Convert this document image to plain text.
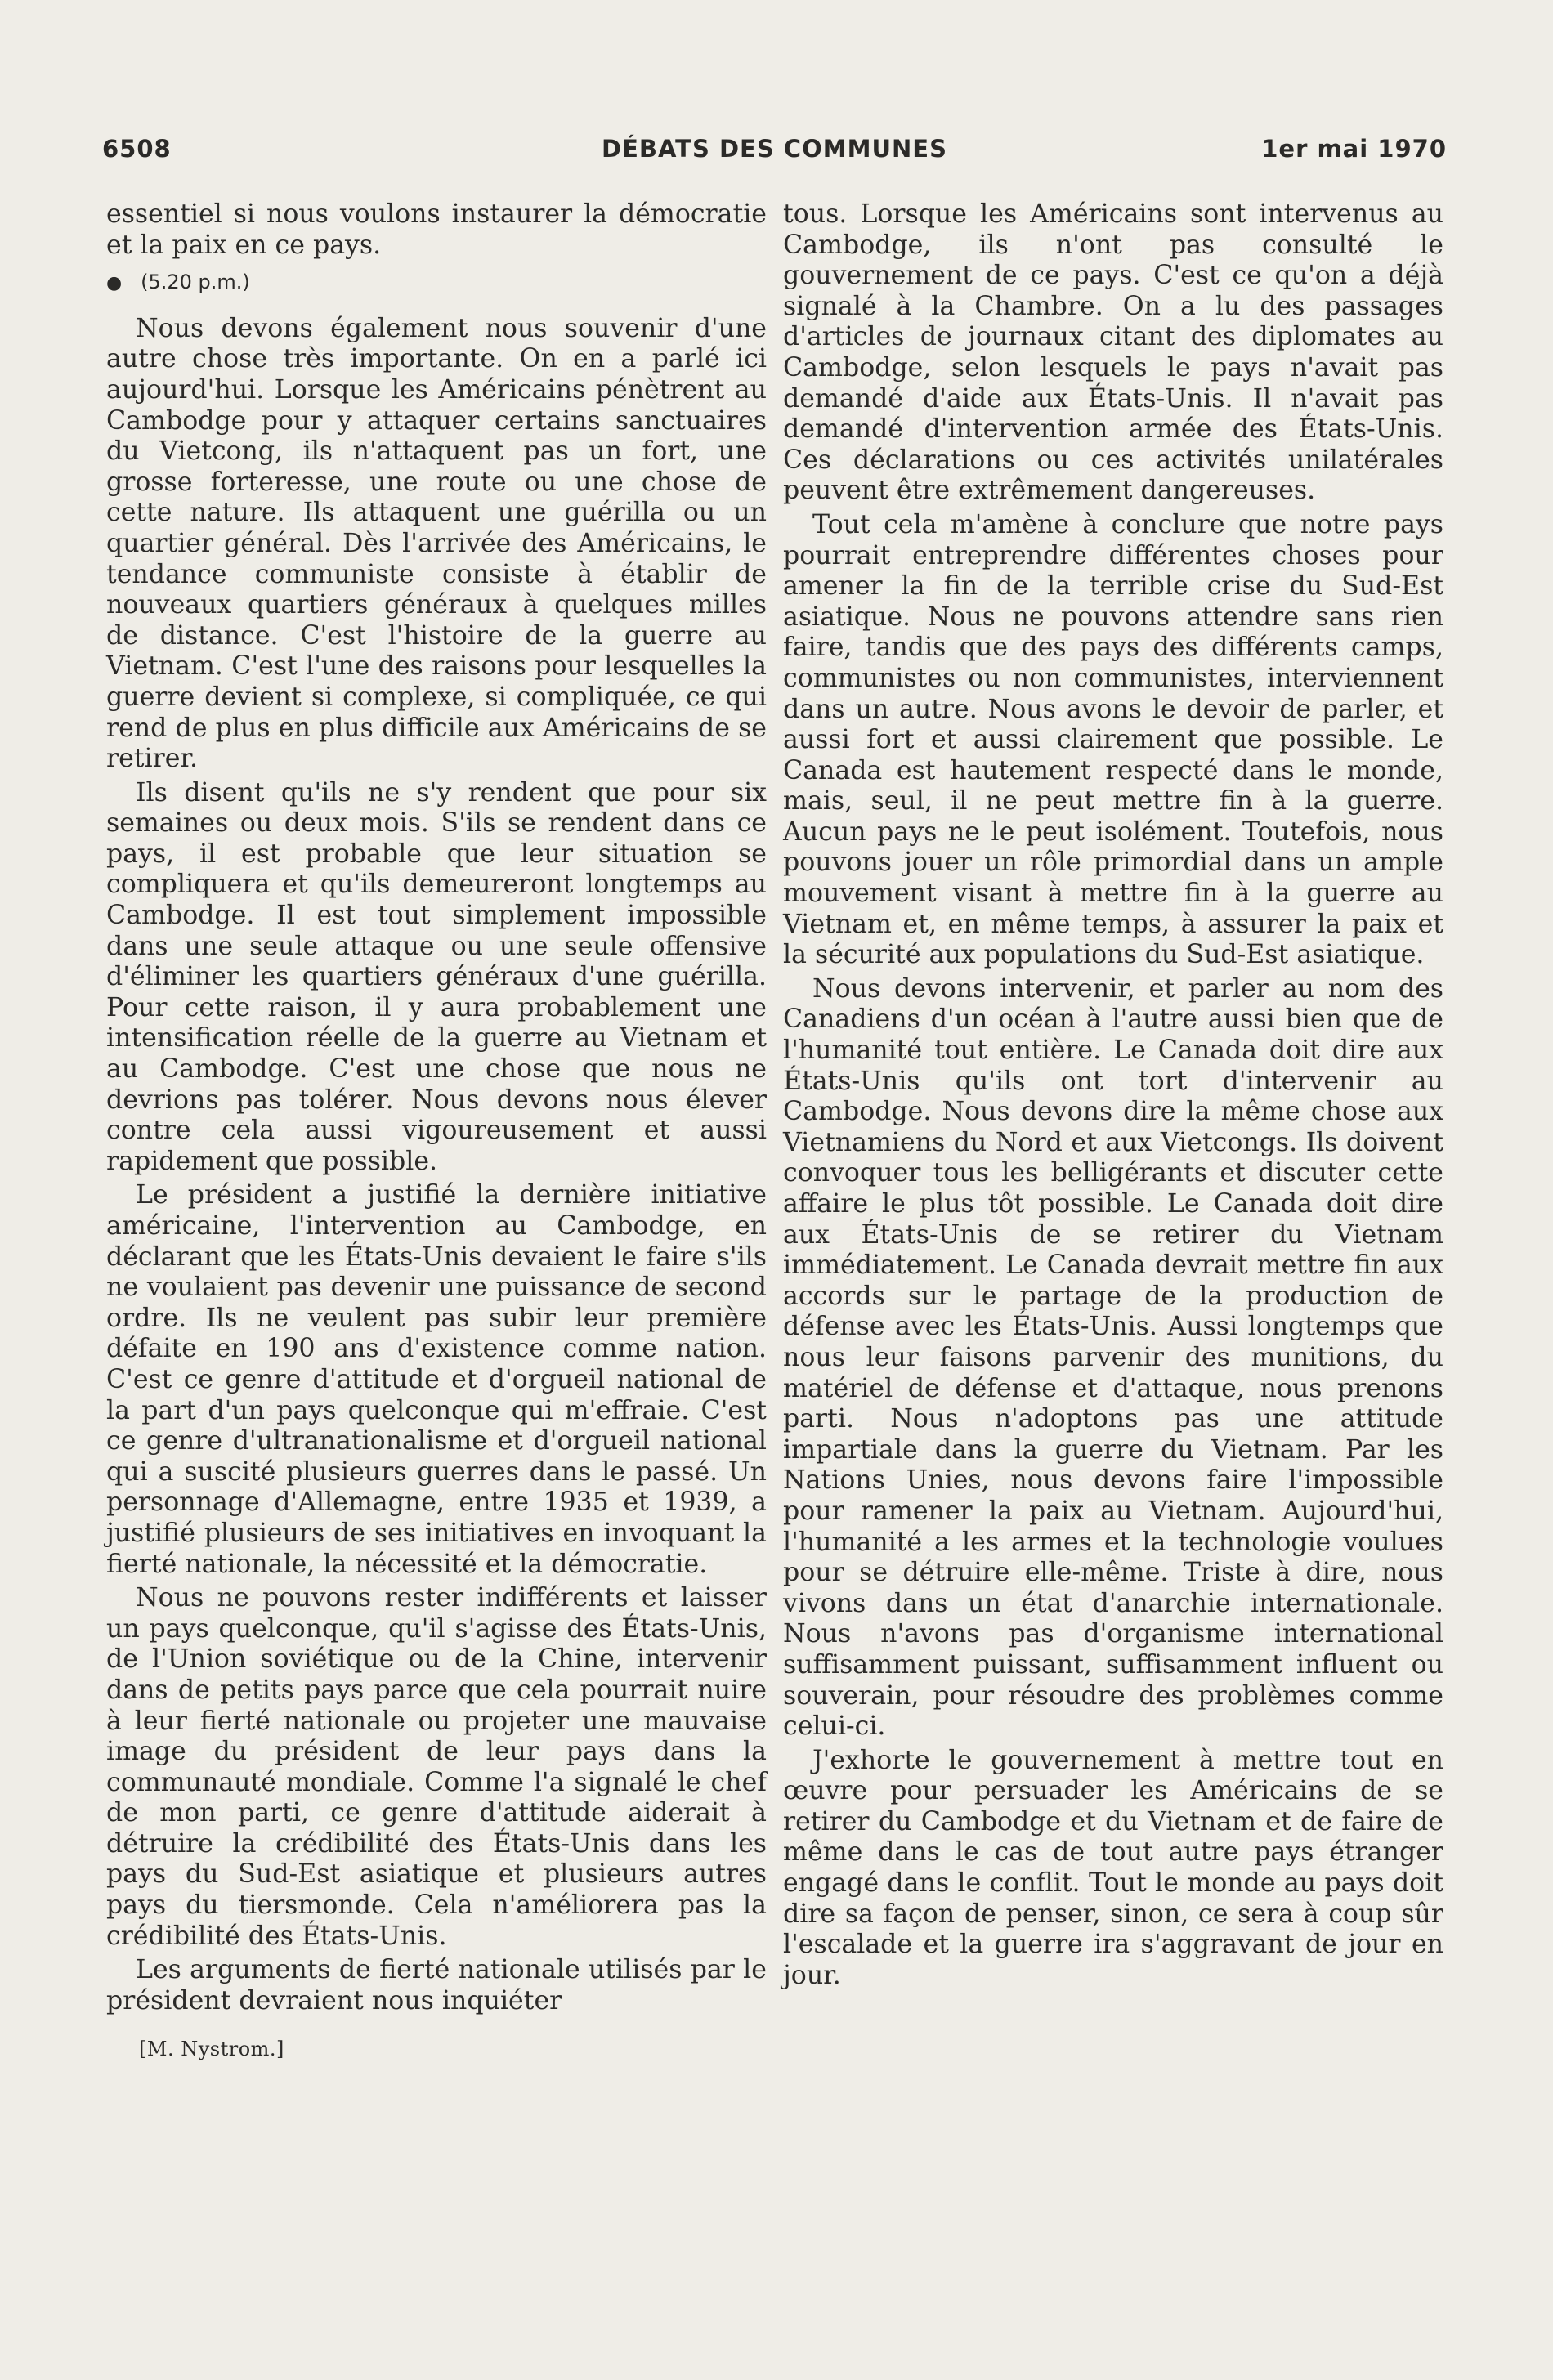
6508	DÉBATS DES COMMUNES	1er mai 1970

essentiel si nous voulons instaurer la démocratie et la paix en ce pays.

● (5.20 p.m.)

Nous devons également nous souvenir d'une autre chose très importante. On en a parlé ici aujourd'hui. Lorsque les Américains pénètrent au Cambodge pour y attaquer certains sanctuaires du Vietcong, ils n'attaquent pas un fort, une grosse forteresse, une route ou une chose de cette nature. Ils attaquent une guérilla ou un quartier général. Dès l'arrivée des Américains, le tendance communiste consiste à établir de nouveaux quartiers généraux à quelques milles de distance. C'est l'histoire de la guerre au Vietnam. C'est l'une des raisons pour lesquelles la guerre devient si complexe, si compliquée, ce qui rend de plus en plus difficile aux Américains de se retirer.

Ils disent qu'ils ne s'y rendent que pour six semaines ou deux mois. S'ils se rendent dans ce pays, il est probable que leur situation se compliquera et qu'ils demeureront longtemps au Cambodge. Il est tout simplement impossible dans une seule attaque ou une seule offensive d'éliminer les quartiers généraux d'une guérilla. Pour cette raison, il y aura probablement une intensification réelle de la guerre au Vietnam et au Cambodge. C'est une chose que nous ne devrions pas tolérer. Nous devons nous élever contre cela aussi vigoureusement et aussi rapidement que possible.

Le président a justifié la dernière initiative américaine, l'intervention au Cambodge, en déclarant que les États-Unis devaient le faire s'ils ne voulaient pas devenir une puissance de second ordre. Ils ne veulent pas subir leur première défaite en 190 ans d'existence comme nation. C'est ce genre d'attitude et d'orgueil national de la part d'un pays quelconque qui m'effraie. C'est ce genre d'ultranationalisme et d'orgueil national qui a suscité plusieurs guerres dans le passé. Un personnage d'Allemagne, entre 1935 et 1939, a justifié plusieurs de ses initiatives en invoquant la fierté nationale, la nécessité et la démocratie.

Nous ne pouvons rester indifférents et laisser un pays quelconque, qu'il s'agisse des États-Unis, de l'Union soviétique ou de la Chine, intervenir dans de petits pays parce que cela pourrait nuire à leur fierté nationale ou projeter une mauvaise image du président de leur pays dans la communauté mondiale. Comme l'a signalé le chef de mon parti, ce genre d'attitude aiderait à détruire la crédibilité des États-Unis dans les pays du Sud-Est asiatique et plusieurs autres pays du tiersmonde. Cela n'améliorera pas la crédibilité des États-Unis.

Les arguments de fierté nationale utilisés par le président devraient nous inquiéter

[M. Nystrom.]

tous. Lorsque les Américains sont intervenus au Cambodge, ils n'ont pas consulté le gouvernement de ce pays. C'est ce qu'on a déjà signalé à la Chambre. On a lu des passages d'articles de journaux citant des diplomates au Cambodge, selon lesquels le pays n'avait pas demandé d'aide aux États-Unis. Il n'avait pas demandé d'intervention armée des États-Unis. Ces déclarations ou ces activités unilatérales peuvent être extrêmement dangereuses.

Tout cela m'amène à conclure que notre pays pourrait entreprendre différentes choses pour amener la fin de la terrible crise du Sud-Est asiatique. Nous ne pouvons attendre sans rien faire, tandis que des pays des différents camps, communistes ou non communistes, interviennent dans un autre. Nous avons le devoir de parler, et aussi fort et aussi clairement que possible. Le Canada est hautement respecté dans le monde, mais, seul, il ne peut mettre fin à la guerre. Aucun pays ne le peut isolément. Toutefois, nous pouvons jouer un rôle primordial dans un ample mouvement visant à mettre fin à la guerre au Vietnam et, en même temps, à assurer la paix et la sécurité aux populations du Sud-Est asiatique.

Nous devons intervenir, et parler au nom des Canadiens d'un océan à l'autre aussi bien que de l'humanité tout entière. Le Canada doit dire aux États-Unis qu'ils ont tort d'intervenir au Cambodge. Nous devons dire la même chose aux Vietnamiens du Nord et aux Vietcongs. Ils doivent convoquer tous les belligérants et discuter cette affaire le plus tôt possible. Le Canada doit dire aux États-Unis de se retirer du Vietnam immédiatement. Le Canada devrait mettre fin aux accords sur le partage de la production de défense avec les États-Unis. Aussi longtemps que nous leur faisons parvenir des munitions, du matériel de défense et d'attaque, nous prenons parti. Nous n'adoptons pas une attitude impartiale dans la guerre du Vietnam. Par les Nations Unies, nous devons faire l'impossible pour ramener la paix au Vietnam. Aujourd'hui, l'humanité a les armes et la technologie voulues pour se détruire elle-même. Triste à dire, nous vivons dans un état d'anarchie internationale. Nous n'avons pas d'organisme international suffisamment puissant, suffisamment influent ou souverain, pour résoudre des problèmes comme celui-ci.

J'exhorte le gouvernement à mettre tout en œuvre pour persuader les Américains de se retirer du Cambodge et du Vietnam et de faire de même dans le cas de tout autre pays étranger engagé dans le conflit. Tout le monde au pays doit dire sa façon de penser, sinon, ce sera à coup sûr l'escalade et la guerre ira s'aggravant de jour en jour.
